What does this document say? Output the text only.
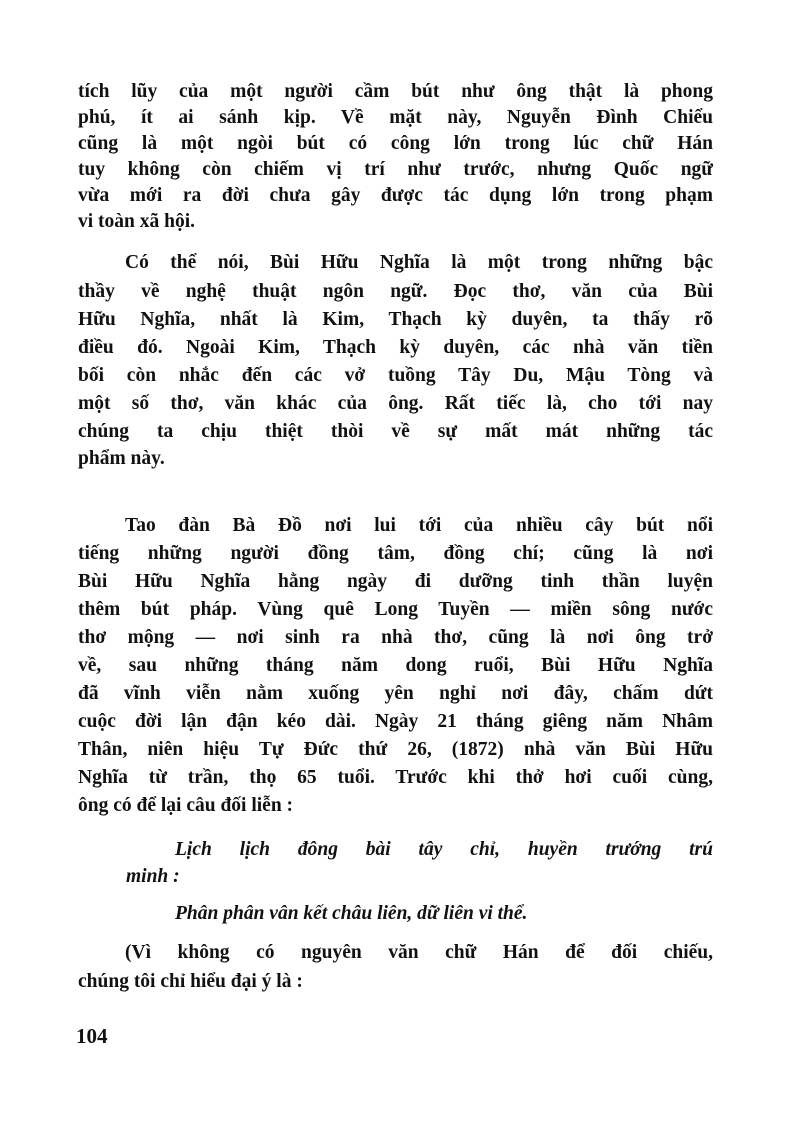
tích lũy của một người cầm bút như ông thật là phong
phú, ít ai sánh kịp. Về mặt này, Nguyễn Đình Chiểu
cũng là một ngòi bút có công lớn trong lúc chữ Hán
tuy không còn chiếm vị trí như trước, nhưng Quốc ngữ
vừa mới ra đời chưa gây được tác dụng lớn trong phạm
vi toàn xã hội.
Có thể nói, Bùi Hữu Nghĩa là một trong những bậc
thầy về nghệ thuật ngôn ngữ. Đọc thơ, văn của Bùi
Hữu Nghĩa, nhất là Kim, Thạch kỳ duyên, ta thấy rõ
điều đó. Ngoài Kim, Thạch kỳ duyên, các nhà văn tiền
bối còn nhắc đến các vở tuồng Tây Du, Mậu Tòng và
một số thơ, văn khác của ông. Rất tiếc là, cho tới nay
chúng ta chịu thiệt thòi về sự mất mát những tác
phẩm này.
Tao đàn Bà Đồ nơi lui tới của nhiều cây bút nổi
tiếng những người đồng tâm, đồng chí; cũng là nơi
Bùi Hữu Nghĩa hằng ngày đi dưỡng tinh thần luyện
thêm bút pháp. Vùng quê Long Tuyền — miền sông nước
thơ mộng — nơi sinh ra nhà thơ, cũng là nơi ông trở
về, sau những tháng năm dong ruổi, Bùi Hữu Nghĩa
đã vĩnh viễn nằm xuống yên nghỉ nơi đây, chấm dứt
cuộc đời lận đận kéo dài. Ngày 21 tháng giêng năm Nhâm
Thân, niên hiệu Tự Đức thứ 26, (1872) nhà văn Bùi Hữu
Nghĩa từ trần, thọ 65 tuổi. Trước khi thở hơi cuối cùng,
ông có để lại câu đối liễn :
Lịch lịch đông bài tây chỉ, huyền trướng trú
minh :
Phân phân vân kết châu liên, dữ liên vi thể.
(Vì không có nguyên văn chữ Hán để đối chiếu,
chúng tôi chỉ hiểu đại ý là :
104
